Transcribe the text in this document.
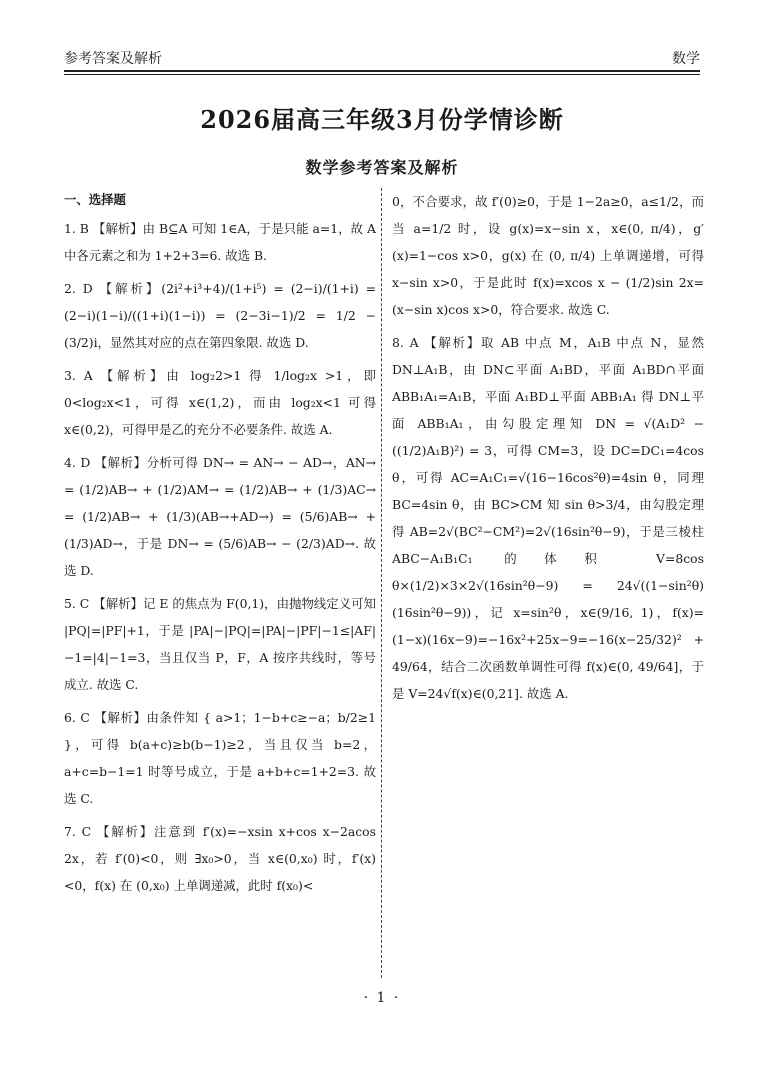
参考答案及解析	数学
2026届高三年级3月份学情诊断
数学参考答案及解析
一、选择题

1. B 【解析】由 B⊆A 可知 1∈A，于是只能 a=1，故 A 中各元素之和为 1+2+3=6. 故选 B.

2. D 【解析】(2i²+i³+4)/(1+i⁵) = (2−i)/(1+i) = (2−i)(1−i)/((1+i)(1−i)) = (2−3i−1)/2 = 1/2 − (3/2)i，显然其对应的点在第四象限. 故选 D.

3. A 【解析】由 log₂2>1 得 1/log₂x >1，即 0<log₂x<1，可得 x∈(1,2)，而由 log₂x<1 可得 x∈(0,2)，可得甲是乙的充分不必要条件. 故选 A.

4. D 【解析】分析可得 DN→ = AN→ − AD→，AN→ = (1/2)AB→ + (1/2)AM→ = (1/2)AB→ + (1/3)AC→ = (1/2)AB→ + (1/3)(AB→+AD→) = (5/6)AB→ + (1/3)AD→，于是 DN→ = (5/6)AB→ − (2/3)AD→. 故选 D.

5. C 【解析】记 E 的焦点为 F(0,1)，由抛物线定义可知 |PQ|=|PF|+1，于是 |PA|−|PQ|=|PA|−|PF|−1≤|AF|−1=|4|−1=3，当且仅当 P，F，A 按序共线时，等号成立. 故选 C.

6. C 【解析】由条件知 { a>1；1−b+c≥−a；b/2≥1 }，可得 b(a+c)≥b(b−1)≥2，当且仅当 b=2，a+c=b−1=1 时等号成立，于是 a+b+c=1+2=3. 故选 C.

7. C 【解析】注意到 f′(x)=−xsin x+cos x−2acos 2x，若 f′(0)<0，则 ∃x₀>0，当 x∈(0,x₀) 时，f′(x)<0，f(x) 在 (0,x₀) 上单调递减，此时 f(x₀)<

0，不合要求，故 f′(0)≥0，于是 1−2a≥0，a≤1/2，而当 a=1/2 时，设 g(x)=x−sin x，x∈(0, π/4)，g′(x)=1−cos x>0，g(x) 在 (0, π/4) 上单调递增，可得 x−sin x>0，于是此时 f(x)=xcos x − (1/2)sin 2x=(x−sin x)cos x>0，符合要求. 故选 C.

8. A 【解析】取 AB 中点 M，A₁B 中点 N，显然 DN⊥A₁B，由 DN⊂平面 A₁BD，平面 A₁BD∩平面 ABB₁A₁=A₁B，平面 A₁BD⊥平面 ABB₁A₁ 得 DN⊥平面 ABB₁A₁，由勾股定理知 DN = √(A₁D² − ((1/2)A₁B)²) = 3，可得 CM=3，设 DC=DC₁=4cos θ，可得 AC=A₁C₁=√(16−16cos²θ)=4sin θ，同理 BC=4sin θ，由 BC>CM 知 sin θ>3/4，由勾股定理得 AB=2√(BC²−CM²)=2√(16sin²θ−9)，于是三棱柱 ABC−A₁B₁C₁ 的体积 V=8cos θ×(1/2)×3×2√(16sin²θ−9) = 24√((1−sin²θ)(16sin²θ−9))，记 x=sin²θ，x∈(9/16, 1)，f(x)=(1−x)(16x−9)=−16x²+25x−9=−16(x−25/32)² + 49/64，结合二次函数单调性可得 f(x)∈(0, 49/64]，于是 V=24√f(x)∈(0,21]. 故选 A.

· 1 ·
